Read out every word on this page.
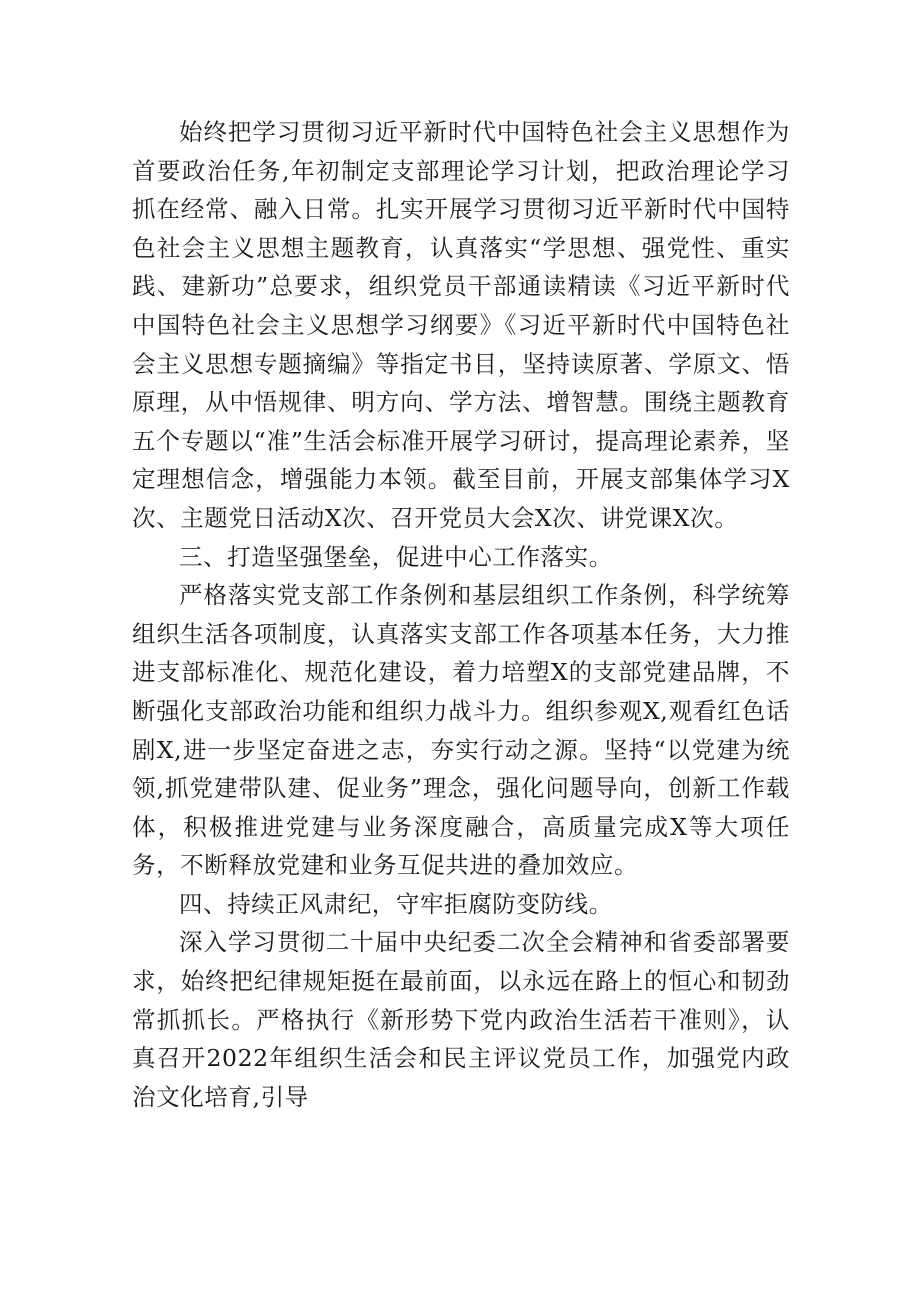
始终把学习贯彻习近平新时代中国特色社会主义思想作为首要政治任务,年初制定支部理论学习计划，把政治理论学习抓在经常、融入日常。扎实开展学习贯彻习近平新时代中国特色社会主义思想主题教育，认真落实“学思想、强党性、重实践、建新功”总要求，组织党员干部通读精读《习近平新时代中国特色社会主义思想学习纲要》《习近平新时代中国特色社会主义思想专题摘编》等指定书目，坚持读原著、学原文、悟原理，从中悟规律、明方向、学方法、增智慧。围绕主题教育五个专题以“准”生活会标准开展学习研讨，提高理论素养，坚定理想信念，增强能力本领。截至目前，开展支部集体学习X次、主题党日活动X次、召开党员大会X次、讲党课X次。

三、打造坚强堡垒，促进中心工作落实。

严格落实党支部工作条例和基层组织工作条例，科学统筹组织生活各项制度，认真落实支部工作各项基本任务，大力推进支部标准化、规范化建设，着力培塑X的支部党建品牌，不断强化支部政治功能和组织力战斗力。组织参观X,观看红色话剧X,进一步坚定奋进之志，夯实行动之源。坚持“以党建为统领,抓党建带队建、促业务”理念，强化问题导向，创新工作载体，积极推进党建与业务深度融合，高质量完成X等大项任务，不断释放党建和业务互促共进的叠加效应。

四、持续正风肃纪，守牢拒腐防变防线。

深入学习贯彻二十届中央纪委二次全会精神和省委部署要求，始终把纪律规矩挺在最前面，以永远在路上的恒心和韧劲常抓抓长。严格执行《新形势下党内政治生活若干准则》，认真召开2022年组织生活会和民主评议党员工作，加强党内政治文化培育,引导
